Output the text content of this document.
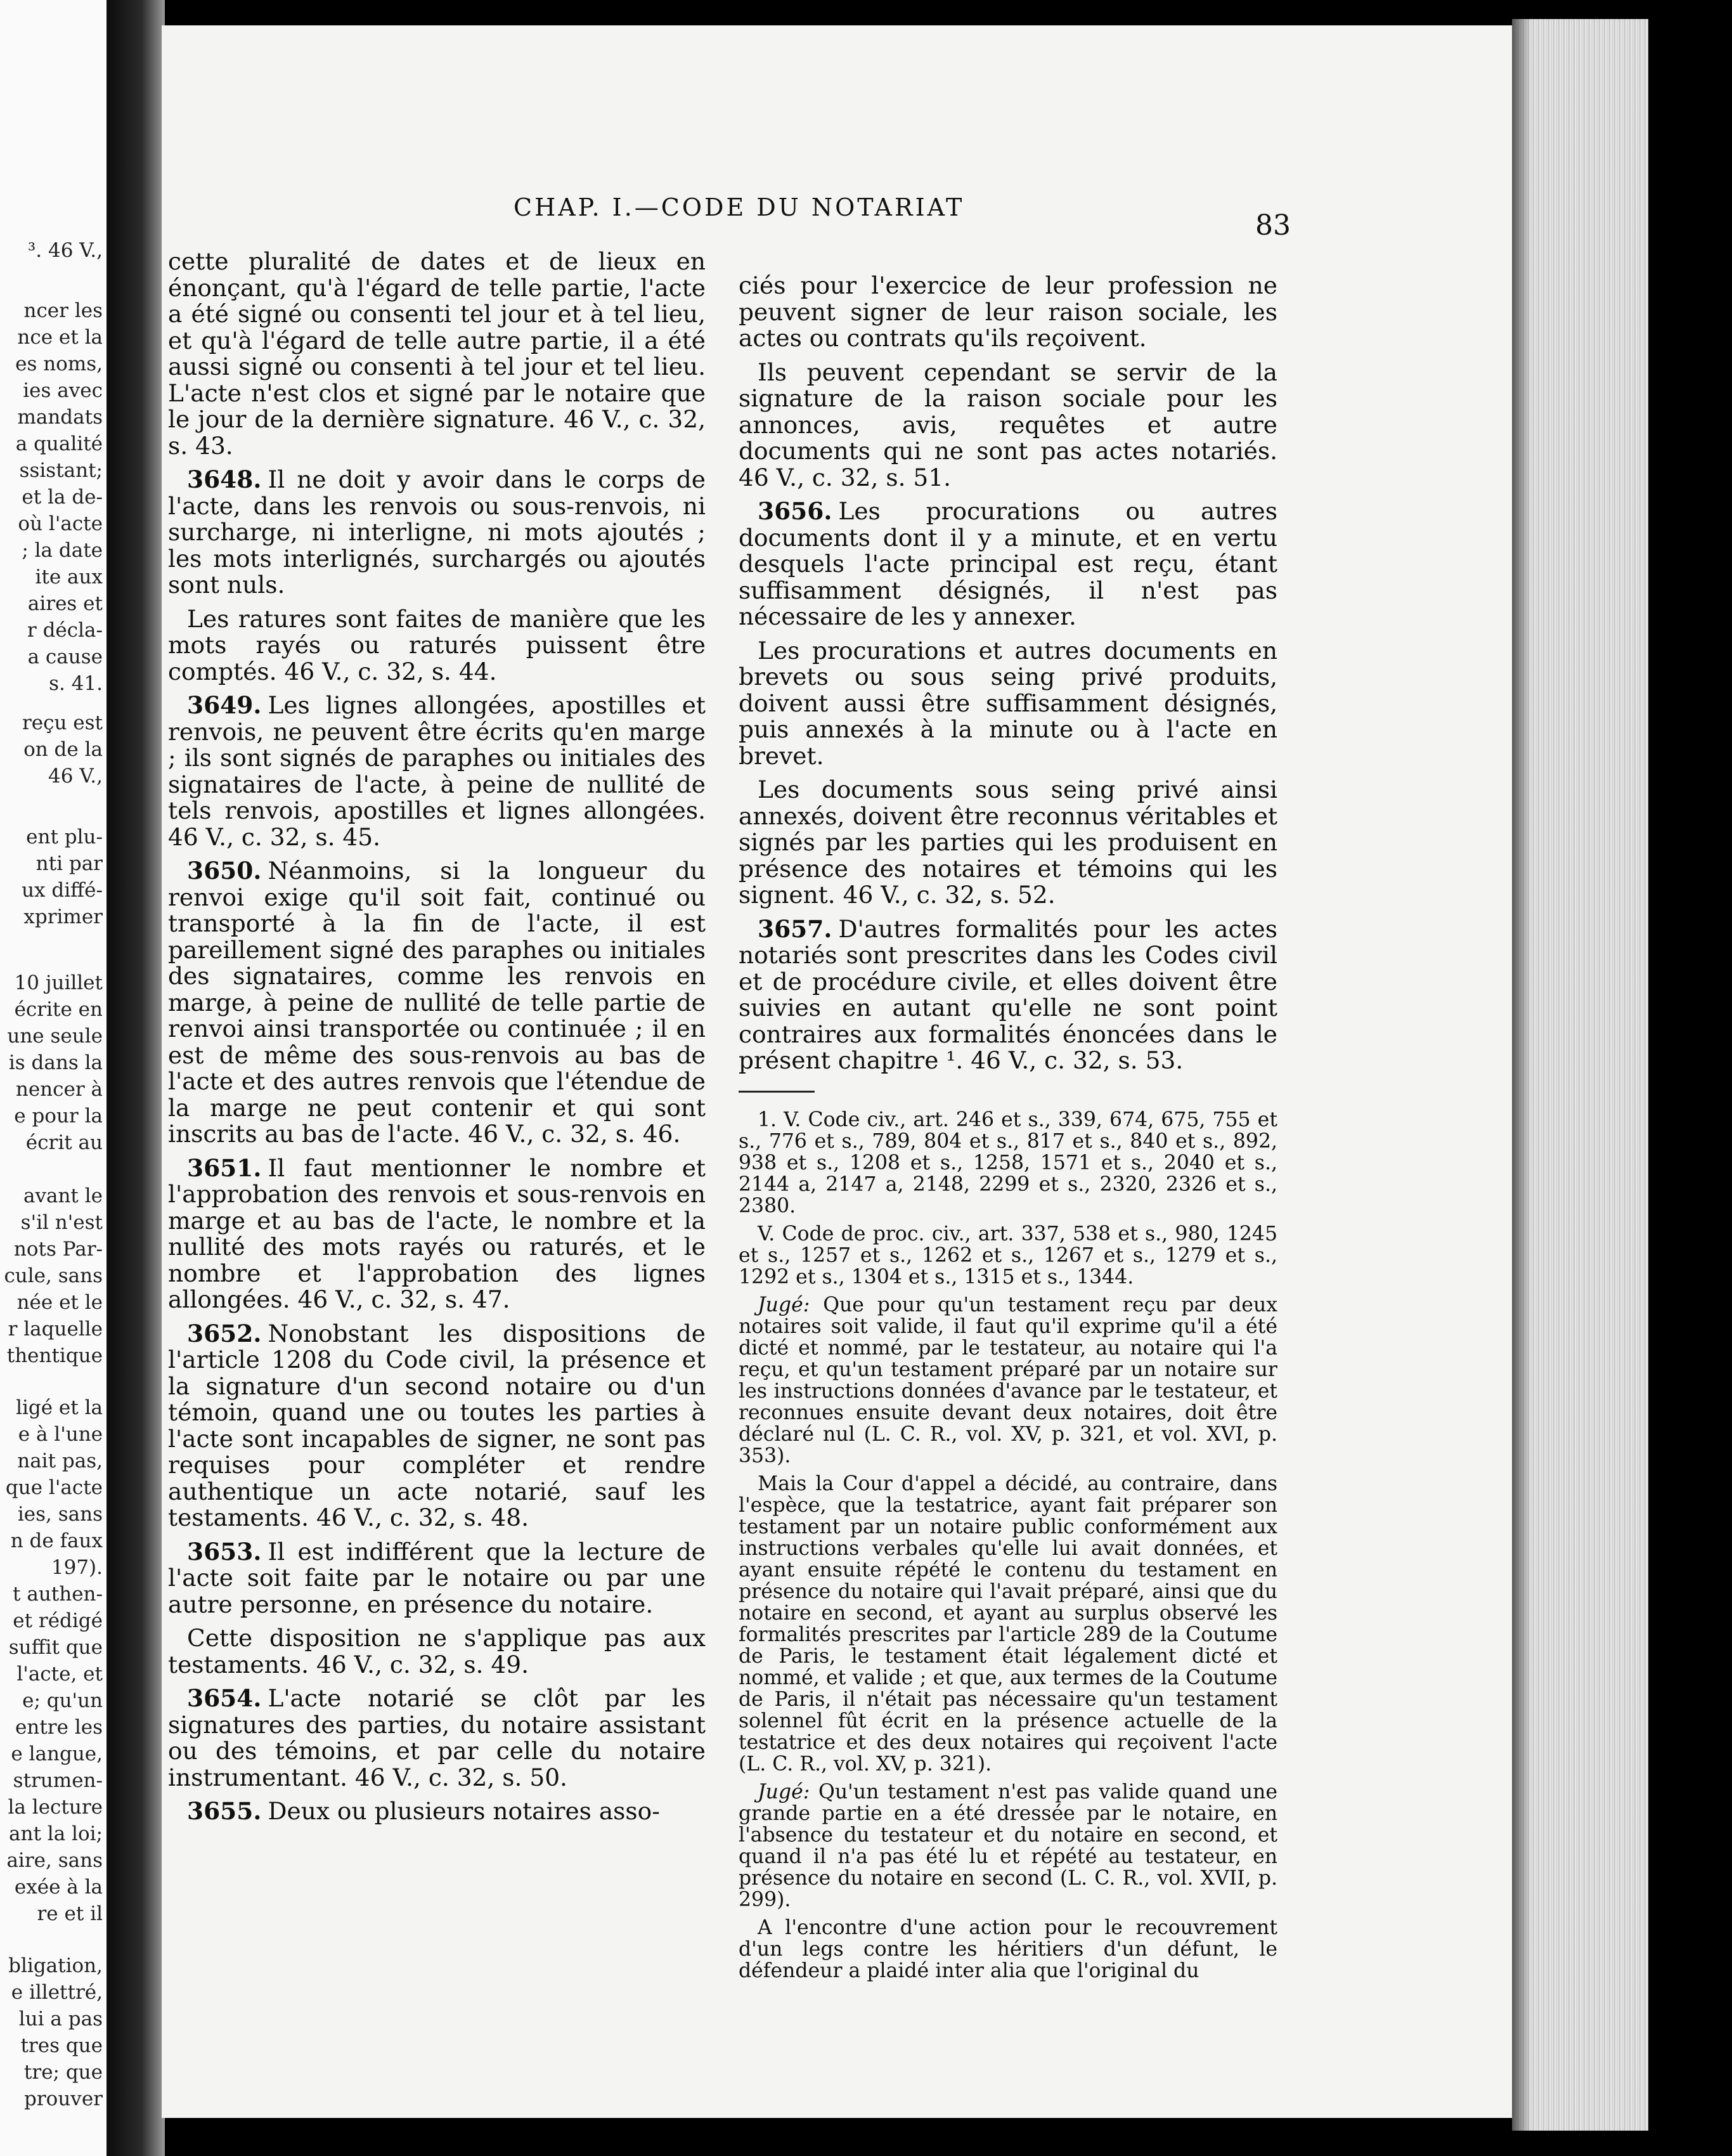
³. 46 V.,
ncer les
nce et la
es noms,
ies avec
mandats
a qualité
ssistant;
et la de-
où l'acte
; la date
ite aux
aires et
r décla-
a cause
s. 41.
reçu est
on de la
46 V.,
ent plu-
nti par
ux diffé-
xprimer
10 juillet
écrite en
une seule
is dans la
nencer à
e pour la
écrit au
avant le
s'il n'est
nots Par-
cule, sans
née et le
r laquelle
thentique
ligé et la
e à l'une
nait pas,
que l'acte
ies, sans
n de faux
197).
t authen-
et rédigé
suffit que
l'acte, et
e; qu'un
entre les
e langue,
strumen-
la lecture
ant la loi;
aire, sans
exée à la
re et il
bligation,
e illettré,
lui a pas
tres que
tre; que
prouver
CHAP. I.—CODE DU NOTARIAT
83

cette pluralité de dates et de lieux en énonçant, qu'à l'égard de telle partie, l'acte a été signé ou consenti tel jour et à tel lieu, et qu'à l'égard de telle autre partie, il a été aussi signé ou consenti à tel jour et tel lieu. L'acte n'est clos et signé par le notaire que le jour de la dernière signature. 46 V., c. 32, s. 43.

3648. Il ne doit y avoir dans le corps de l'acte, dans les renvois ou sous-renvois, ni surcharge, ni interligne, ni mots ajoutés ; les mots interlignés, surchargés ou ajoutés sont nuls.

Les ratures sont faites de manière que les mots rayés ou raturés puissent être comptés. 46 V., c. 32, s. 44.

3649. Les lignes allongées, apostilles et renvois, ne peuvent être écrits qu'en marge ; ils sont signés de paraphes ou initiales des signataires de l'acte, à peine de nullité de tels renvois, apostilles et lignes allongées. 46 V., c. 32, s. 45.

3650. Néanmoins, si la longueur du renvoi exige qu'il soit fait, continué ou transporté à la fin de l'acte, il est pareillement signé des paraphes ou initiales des signataires, comme les renvois en marge, à peine de nullité de telle partie de renvoi ainsi transportée ou continuée ; il en est de même des sous-renvois au bas de l'acte et des autres renvois que l'étendue de la marge ne peut contenir et qui sont inscrits au bas de l'acte. 46 V., c. 32, s. 46.

3651. Il faut mentionner le nombre et l'approbation des renvois et sous-renvois en marge et au bas de l'acte, le nombre et la nullité des mots rayés ou raturés, et le nombre et l'approbation des lignes allongées. 46 V., c. 32, s. 47.

3652. Nonobstant les dispositions de l'article 1208 du Code civil, la présence et la signature d'un second notaire ou d'un témoin, quand une ou toutes les parties à l'acte sont incapables de signer, ne sont pas requises pour compléter et rendre authentique un acte notarié, sauf les testaments. 46 V., c. 32, s. 48.

3653. Il est indifférent que la lecture de l'acte soit faite par le notaire ou par une autre personne, en présence du notaire.

Cette disposition ne s'applique pas aux testaments. 46 V., c. 32, s. 49.

3654. L'acte notarié se clôt par les signatures des parties, du notaire assistant ou des témoins, et par celle du notaire instrumentant. 46 V., c. 32, s. 50.

3655. Deux ou plusieurs notaires asso-

ciés pour l'exercice de leur profession ne peuvent signer de leur raison sociale, les actes ou contrats qu'ils reçoivent.

Ils peuvent cependant se servir de la signature de la raison sociale pour les annonces, avis, requêtes et autre documents qui ne sont pas actes notariés. 46 V., c. 32, s. 51.

3656. Les procurations ou autres documents dont il y a minute, et en vertu desquels l'acte principal est reçu, étant suffisamment désignés, il n'est pas nécessaire de les y annexer.

Les procurations et autres documents en brevets ou sous seing privé produits, doivent aussi être suffisamment désignés, puis annexés à la minute ou à l'acte en brevet.

Les documents sous seing privé ainsi annexés, doivent être reconnus véritables et signés par les parties qui les produisent en présence des notaires et témoins qui les signent. 46 V., c. 32, s. 52.

3657. D'autres formalités pour les actes notariés sont prescrites dans les Codes civil et de procédure civile, et elles doivent être suivies en autant qu'elle ne sont point contraires aux formalités énoncées dans le présent chapitre ¹. 46 V., c. 32, s. 53.

1. V. Code civ., art. 246 et s., 339, 674, 675, 755 et s., 776 et s., 789, 804 et s., 817 et s., 840 et s., 892, 938 et s., 1208 et s., 1258, 1571 et s., 2040 et s., 2144 a, 2147 a, 2148, 2299 et s., 2320, 2326 et s., 2380.

V. Code de proc. civ., art. 337, 538 et s., 980, 1245 et s., 1257 et s., 1262 et s., 1267 et s., 1279 et s., 1292 et s., 1304 et s., 1315 et s., 1344.

Jugé: Que pour qu'un testament reçu par deux notaires soit valide, il faut qu'il exprime qu'il a été dicté et nommé, par le testateur, au notaire qui l'a reçu, et qu'un testament préparé par un notaire sur les instructions données d'avance par le testateur, et reconnues ensuite devant deux notaires, doit être déclaré nul (L. C. R., vol. XV, p. 321, et vol. XVI, p. 353).

Mais la Cour d'appel a décidé, au contraire, dans l'espèce, que la testatrice, ayant fait préparer son testament par un notaire public conformément aux instructions verbales qu'elle lui avait données, et ayant ensuite répété le contenu du testament en présence du notaire qui l'avait préparé, ainsi que du notaire en second, et ayant au surplus observé les formalités prescrites par l'article 289 de la Coutume de Paris, le testament était légalement dicté et nommé, et valide ; et que, aux termes de la Coutume de Paris, il n'était pas nécessaire qu'un testament solennel fût écrit en la présence actuelle de la testatrice et des deux notaires qui reçoivent l'acte (L. C. R., vol. XV, p. 321).

Jugé: Qu'un testament n'est pas valide quand une grande partie en a été dressée par le notaire, en l'absence du testateur et du notaire en second, et quand il n'a pas été lu et répété au testateur, en présence du notaire en second (L. C. R., vol. XVII, p. 299).

A l'encontre d'une action pour le recouvrement d'un legs contre les héritiers d'un défunt, le défendeur a plaidé inter alia que l'original du
